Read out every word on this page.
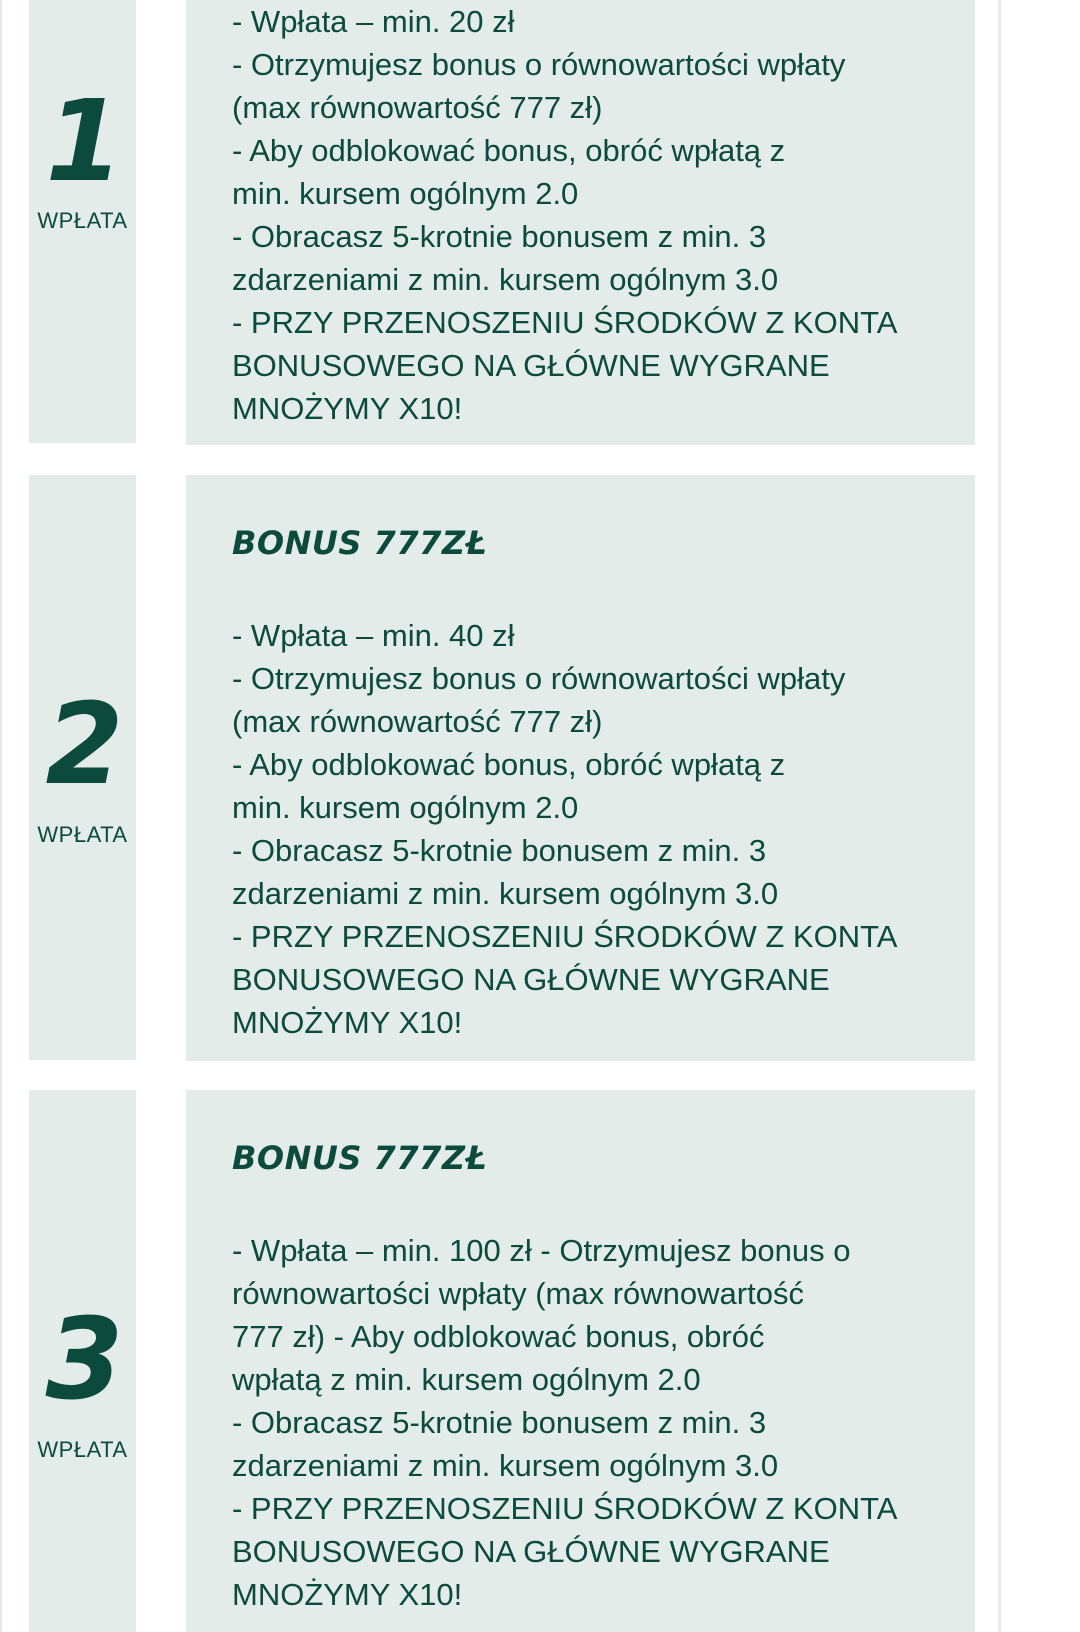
1
WPŁATA
- Wpłata – min. 20 zł
- Otrzymujesz bonus o równowartości wpłaty
(max równowartość 777 zł)
- Aby odblokować bonus, obróć wpłatą z
min. kursem ogólnym 2.0
- Obracasz 5-krotnie bonusem z min. 3
zdarzeniami z min. kursem ogólnym 3.0
- PRZY PRZENOSZENIU ŚRODKÓW Z KONTA
BONUSOWEGO NA GŁÓWNE WYGRANE
MNOŻYMY X10!
2
WPŁATA
BONUS 777ZŁ
- Wpłata – min. 40 zł
- Otrzymujesz bonus o równowartości wpłaty
(max równowartość 777 zł)
- Aby odblokować bonus, obróć wpłatą z
min. kursem ogólnym 2.0
- Obracasz 5-krotnie bonusem z min. 3
zdarzeniami z min. kursem ogólnym 3.0
- PRZY PRZENOSZENIU ŚRODKÓW Z KONTA
BONUSOWEGO NA GŁÓWNE WYGRANE
MNOŻYMY X10!
3
WPŁATA
BONUS 777ZŁ
- Wpłata – min. 100 zł - Otrzymujesz bonus o
równowartości wpłaty (max równowartość
777 zł) - Aby odblokować bonus, obróć
wpłatą z min. kursem ogólnym 2.0
- Obracasz 5-krotnie bonusem z min. 3
zdarzeniami z min. kursem ogólnym 3.0
- PRZY PRZENOSZENIU ŚRODKÓW Z KONTA
BONUSOWEGO NA GŁÓWNE WYGRANE
MNOŻYMY X10!
